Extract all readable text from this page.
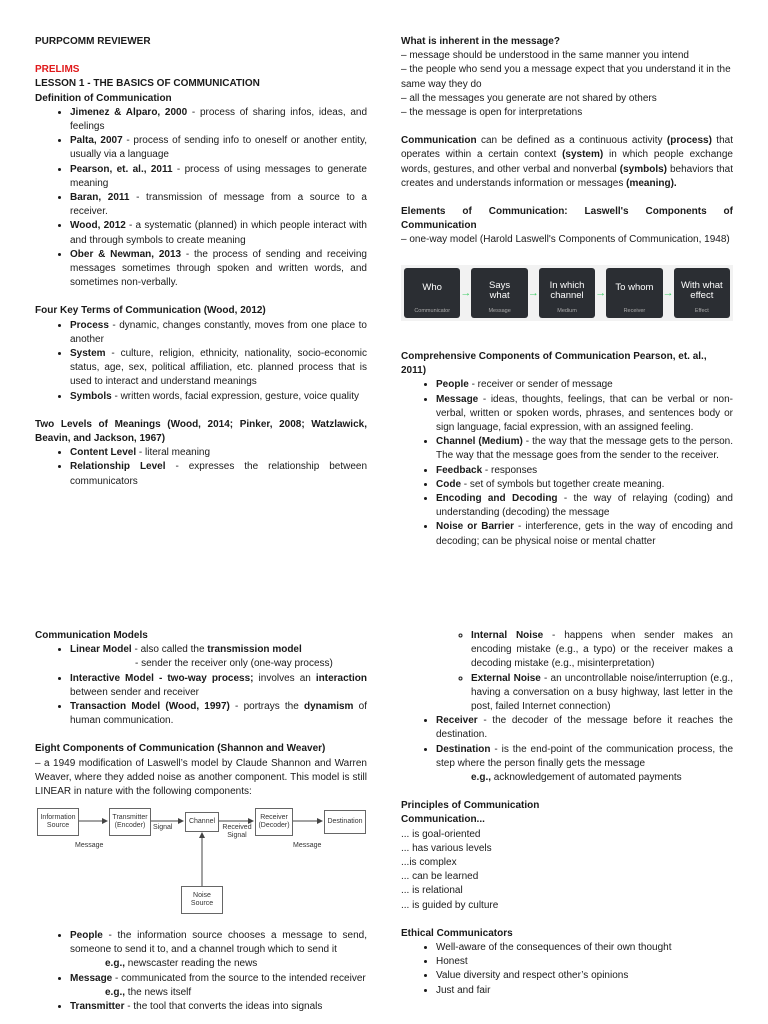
PURPCOMM REVIEWER

PRELIMS

LESSON 1 - THE BASICS OF COMMUNICATION

Definition of Communication

• Jimenez & Alparo, 2000 - process of sharing infos, ideas, and feelings
• Palta, 2007 - process of sending info to oneself or another entity, usually via a language
• Pearson, et. al., 2011 - process of using messages to generate meaning
• Baran, 2011 - transmission of message from a source to a receiver.
• Wood, 2012 - a systematic (planned) in which people interact with and through symbols to create meaning
• Ober & Newman, 2013 - the process of sending and receiving messages sometimes through spoken and written words, and sometimes non-verbally.

Four Key Terms of Communication (Wood, 2012)

• Process - dynamic, changes constantly, moves from one place to another
• System - culture, religion, ethnicity, nationality, socio-economic status, age, sex, political affiliation, etc. planned process that is used to interact and understand meanings
• Symbols - written words, facial expression, gesture, voice quality

Two Levels of Meanings (Wood, 2014; Pinker, 2008; Watzlawick, Beavin, and Jackson, 1967)

• Content Level - literal meaning
• Relationship Level - expresses the relationship between communicators

What is inherent in the message?

– message should be understood in the same manner you intend

– the people who send you a message expect that you understand it in the same way they do

– all the messages you generate are not shared by others

– the message is open for interpretations

Communication can be defined as a continuous activity (process) that operates within a certain context (system) in which people exchange words, gestures, and other verbal and nonverbal (symbols) behaviors that creates and understands information or messages (meaning).

Elements of Communication: Laswell's Components of Communication

– one-way model (Harold Laswell's Components of Communication, 1948)

Who
Communicator
→
Says what
Message
→
In which channel
Medium
→ To whom
Receiver
→
With what effect
Effect

Comprehensive Components of Communication Pearson, et. al., 2011)

• People - receiver or sender of message
• Message - ideas, thoughts, feelings, that can be verbal or non-verbal, written or spoken words, phrases, and sentences body or sign language, facial expression, with an assigned feeling.
• Channel (Medium) - the way that the message gets to the person. The way that the message goes from the sender to the receiver.
• Feedback - responses
• Code - set of symbols but together create meaning.
• Encoding and Decoding - the way of relaying (coding) and understanding (decoding) the message
• Noise or Barrier - interference, gets in the way of encoding and decoding; can be physical noise or mental chatter

Communication Models

• Linear Model - also called the transmission model
- sender the receiver only (one-way process)
• Interactive Model - two-way process; involves an interaction between sender and receiver
• Transaction Model (Wood, 1997) - portrays the dynamism of human communication.

Eight Components of Communication (Shannon and Weaver)

– a 1949 modification of Laswell’s model by Claude Shannon and Warren Weaver, where they added noise as another component. This model is still LINEAR in nature with the following components:

Information Source
Transmitter (Encoder)
Channel
Receiver (Decoder)
Destination
Noise Source
Signal	Received Signal
Message	Message
• People - the information source chooses a message to send, someone to send it to, and a channel trough which to send it

e.g., newscaster reading the news

• Message - communicated from the source to the intended receiver

e.g., the news itself

• Transmitter - the tool that converts the ideas into signals
◦ Internal Noise - happens when sender makes an encoding mistake (e.g., a typo) or the receiver makes a decoding mistake (e.g., misinterpretation)
◦ External Noise - an uncontrollable noise/interruption (e.g., having a conversation on a busy highway, last letter in the post, failed Internet connection)
• Receiver - the decoder of the message before it reaches the destination.
• Destination - is the end-point of the communication process, the step where the person finally gets the message

e.g., acknowledgement of automated payments

Principles of Communication

Communication...

... is goal-oriented

... has various levels

...is complex

... can be learned

... is relational

... is guided by culture

Ethical Communicators

• Well-aware of the consequences of their own thought
• Honest
• Value diversity and respect other’s opinions
• Just and fair
